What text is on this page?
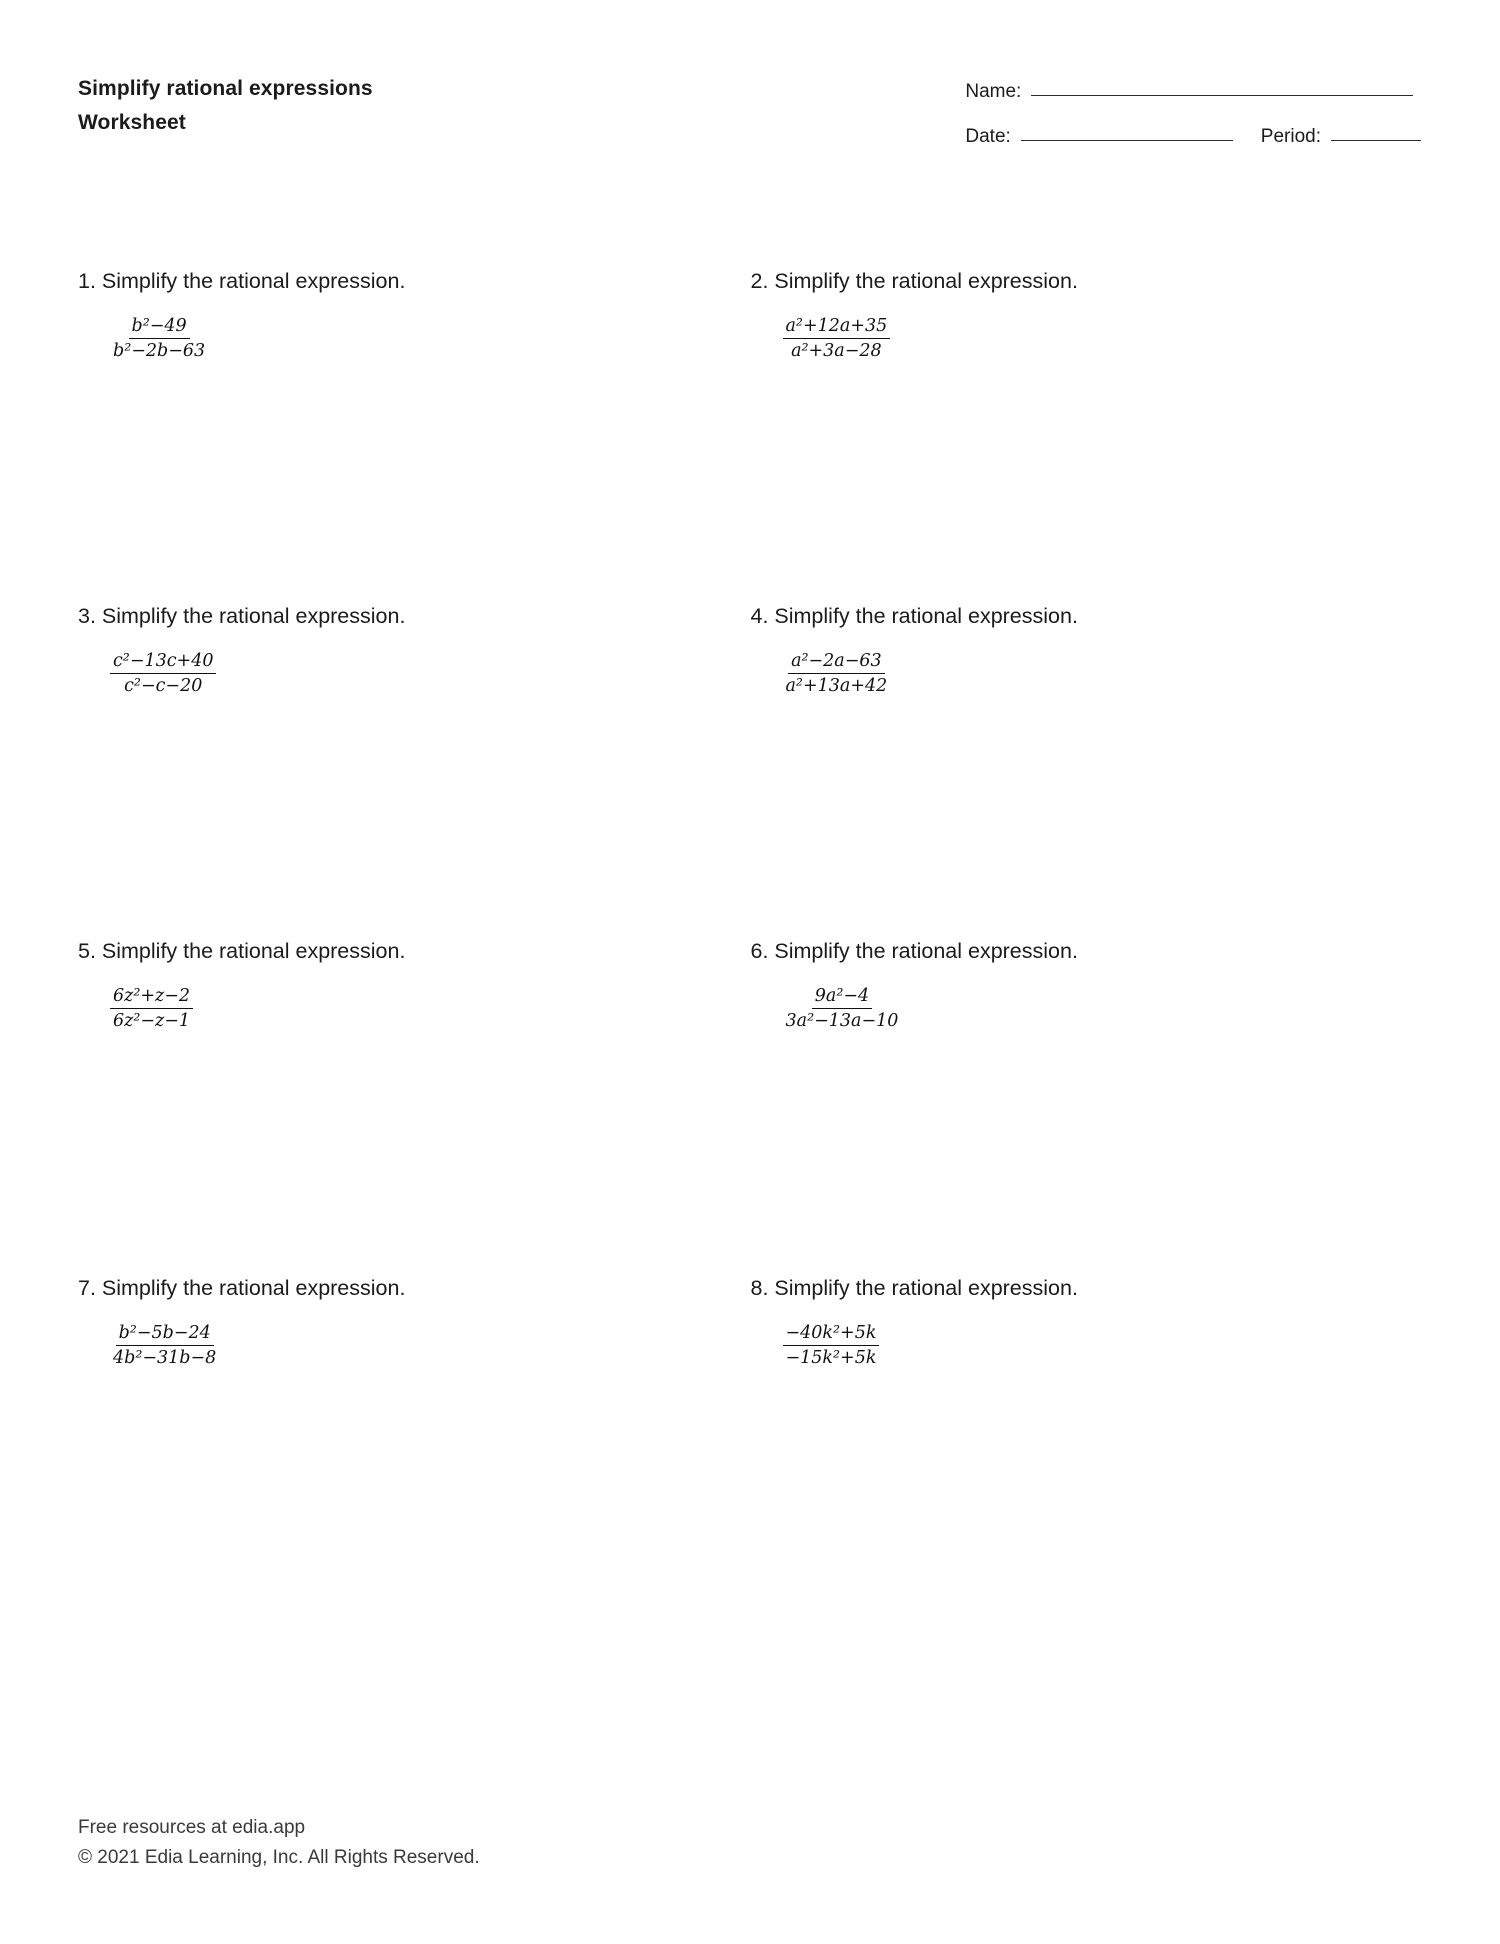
Simplify rational expressions
Worksheet
Name:
Date:	Period:
1. Simplify the rational expression.
$\frac{\text{b²−49}}{\text{b²−2b−63}}$
2. Simplify the rational expression.
$\frac{\text{a²+12a+35}}{\text{a²+3a−28}}$
3. Simplify the rational expression.
$\frac{\text{c²−13c+40}}{\text{c²−c−20}}$
4. Simplify the rational expression.
$\frac{\text{a²−2a−63}}{\text{a²+13a+42}}$
5. Simplify the rational expression.
$\frac{\text{6z²+z−2}}{\text{6z²−z−1}}$
6. Simplify the rational expression.
$\frac{\text{9a²−4}}{\text{3a²−13a−10}}$
7. Simplify the rational expression.
$\frac{\text{b²−5b−24}}{\text{4b²−31b−8}}$
8. Simplify the rational expression.
$\frac{\text{−40k²+5k}}{\text{−15k²+5k}}$
Free resources at edia.app
© 2021 Edia Learning, Inc. All Rights Reserved.
